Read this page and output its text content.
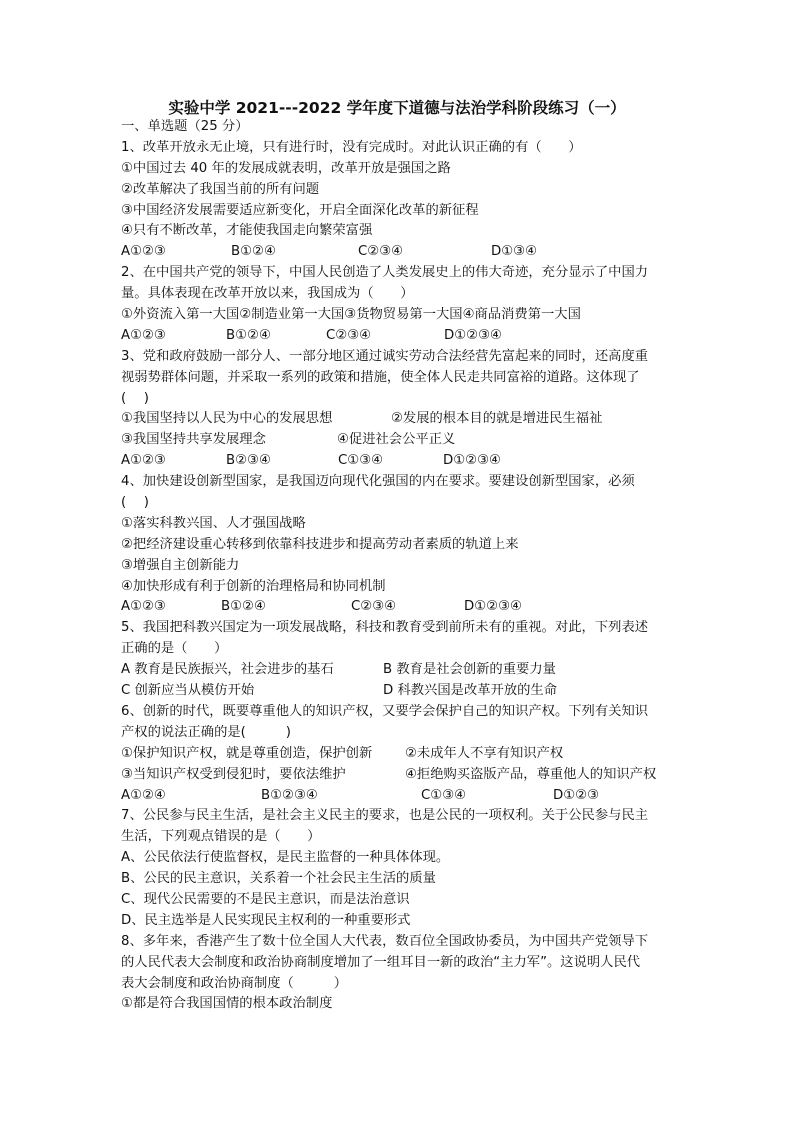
实验中学 2021---2022 学年度下道德与法治学科阶段练习（一）
一、单选题（25 分）
1、改革开放永无止境，只有进行时，没有完成时。对此认识正确的有（　　）
①中国过去 40 年的发展成就表明，改革开放是强国之路
②改革解决了我国当前的所有问题
③中国经济发展需要适应新变化，开启全面深化改革的新征程
④只有不断改革，才能使我国走向繁荣富强
A①②③	B①②④	C②③④	D①③④
2、在中国共产党的领导下，中国人民创造了人类发展史上的伟大奇迹，充分显示了中国力
量。具体表现在改革开放以来，我国成为（　　）
①外资流入第一大国②制造业第一大国③货物贸易第一大国④商品消费第一大国
A①②③	B①②④	C②③④	D①②③④
3、党和政府鼓励一部分人、一部分地区通过诚实劳动合法经营先富起来的同时，还高度重
视弱势群体问题，并采取一系列的政策和措施，使全体人民走共同富裕的道路。这体现了
(　 )
①我国坚持以人民为中心的发展思想	②发展的根本目的就是增进民生福祉
③我国坚持共享发展理念	④促进社会公平正义
A①②③	B②③④	C①③④	D①②③④
4、加快建设创新型国家，是我国迈向现代化强国的内在要求。要建设创新型国家，必须
(　 )
①落实科教兴国、人才强国战略
②把经济建设重心转移到依靠科技进步和提高劳动者素质的轨道上来
③增强自主创新能力
④加快形成有利于创新的治理格局和协同机制
A①②③	B①②④	C②③④	D①②③④
5、我国把科教兴国定为一项发展战略，科技和教育受到前所未有的重视。对此，下列表述
正确的是（　　）
A 教育是民族振兴，社会进步的基石	B 教育是社会创新的重要力量
C 创新应当从模仿开始	D 科教兴国是改革开放的生命
6、创新的时代，既要尊重他人的知识产权，又要学会保护自己的知识产权。下列有关知识
产权的说法正确的是(　　　)
①保护知识产权，就是尊重创造，保护创新 ②未成年人不享有知识产权
③当知识产权受到侵犯时，要依法维护	④拒绝购买盗版产品，尊重他人的知识产权
A①②④	B①②③④	C①③④	D①②③
7、公民参与民主生活，是社会主义民主的要求，也是公民的一项权利。关于公民参与民主
生活，下列观点错误的是（　　）
A、公民依法行使监督权，是民主监督的一种具体体现。
B、公民的民主意识，关系着一个社会民主生活的质量
C、现代公民需要的不是民主意识，而是法治意识
D、民主选举是人民实现民主权利的一种重要形式
8、多年来，香港产生了数十位全国人大代表，数百位全国政协委员，为中国共产党领导下
的人民代表大会制度和政治协商制度增加了一组耳目一新的政治“主力军”。这说明人民代
表大会制度和政治协商制度（　　　）
①都是符合我国国情的根本政治制度
